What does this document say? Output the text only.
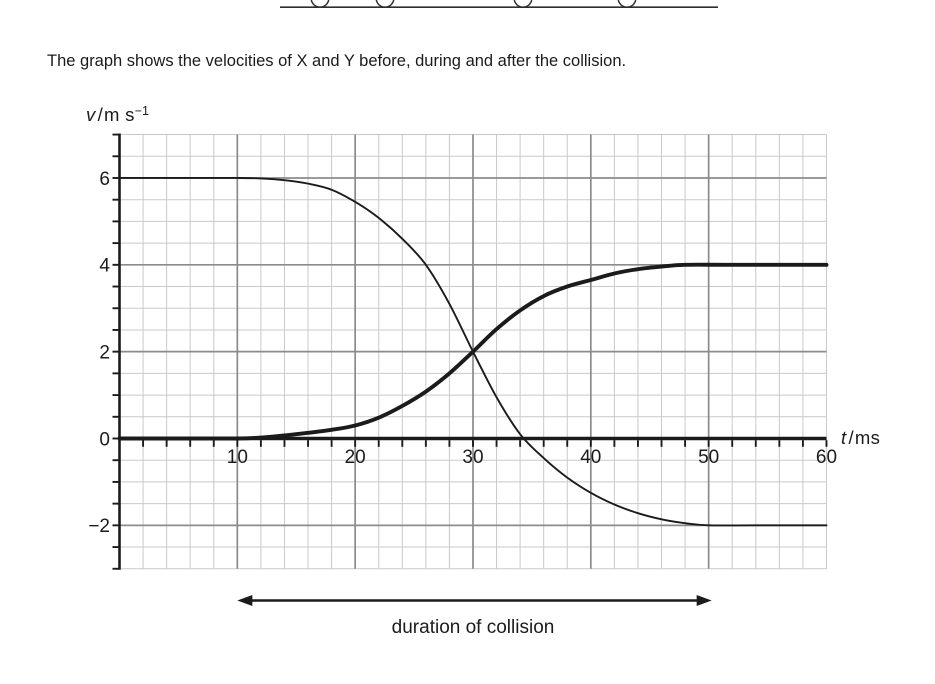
6
4
2
0
−2
10	20	30	40	50	60
The graph shows the velocities of X and Y before, during and after the collision.
v /m $s^{-1}$
t /ms
duration of collision
